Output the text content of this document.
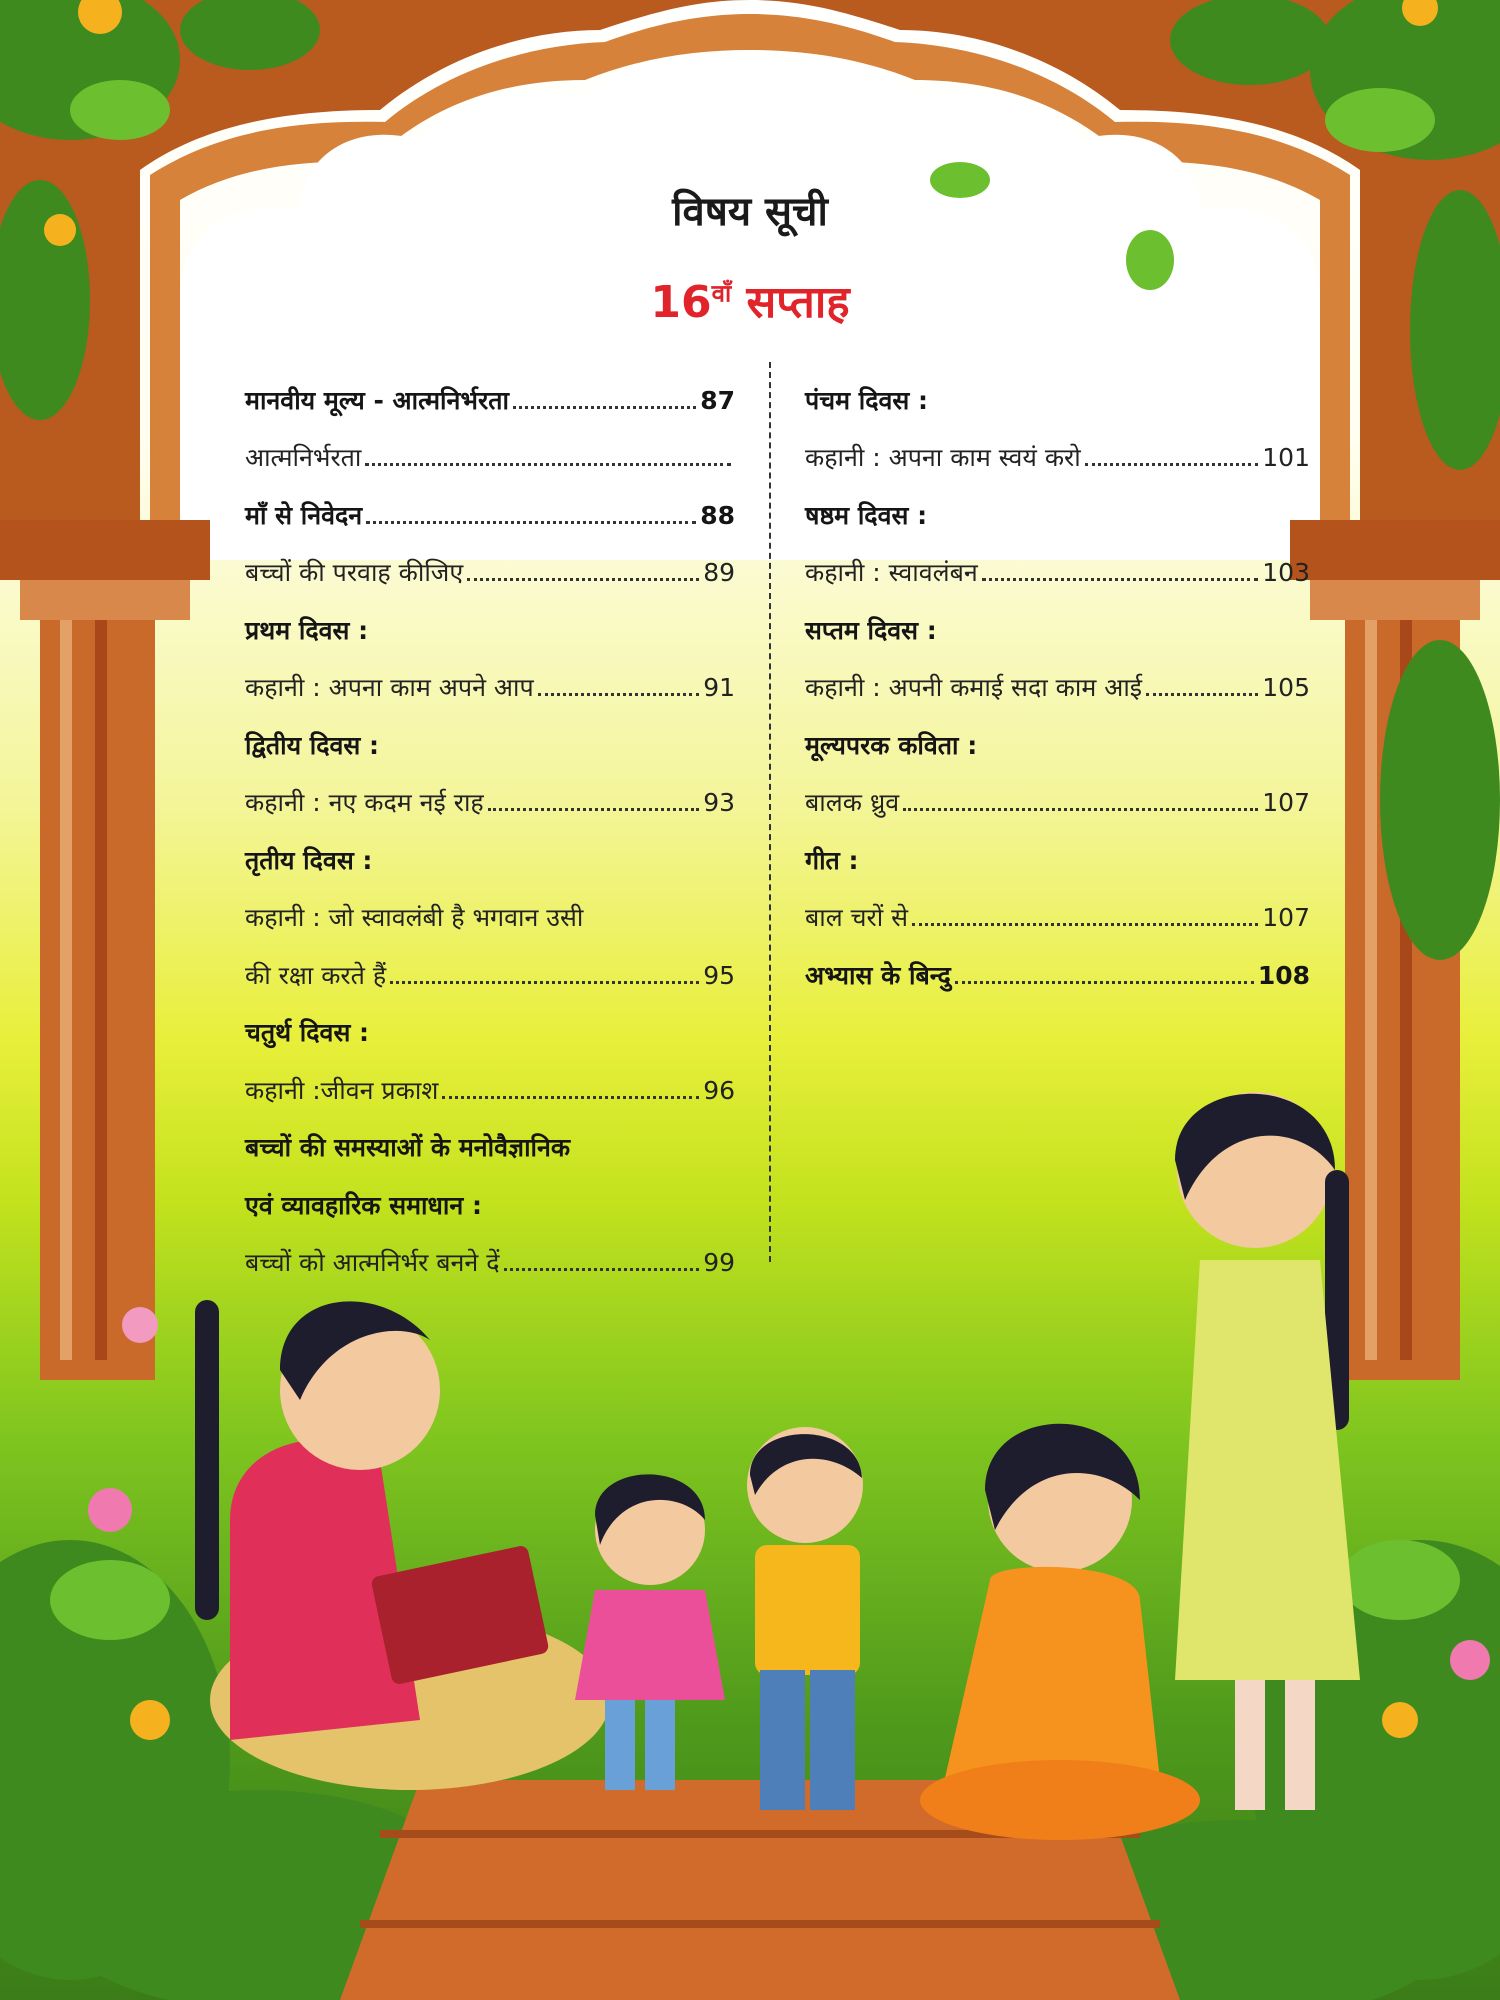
विषय सूची
$16^{वाँ}$ सप्ताह
मानवीय मूल्य - आत्मनिर्भरता	87
आत्मनिर्भरता
माँ से निवेदन	88
बच्चों की परवाह कीजिए	89
प्रथम दिवस :
कहानी : अपना काम अपने आप	91
द्वितीय दिवस :
कहानी : नए कदम नई राह	93
तृतीय दिवस :
कहानी : जो स्वावलंबी है भगवान उसी
की रक्षा करते हैं	95
चतुर्थ दिवस :
कहानी :जीवन प्रकाश	96
बच्चों की समस्याओं के मनोवैज्ञानिक
एवं व्यावहारिक समाधान :
बच्चों को आत्मनिर्भर बनने दें	99
पंचम दिवस :
कहानी : अपना काम स्वयं करो	101
षष्ठम दिवस :
कहानी : स्वावलंबन	103
सप्तम दिवस :
कहानी : अपनी कमाई सदा काम आई	105
मूल्यपरक कविता :
बालक ध्रुव	107
गीत :
बाल चरों से	107
अभ्यास के बिन्दु	108
